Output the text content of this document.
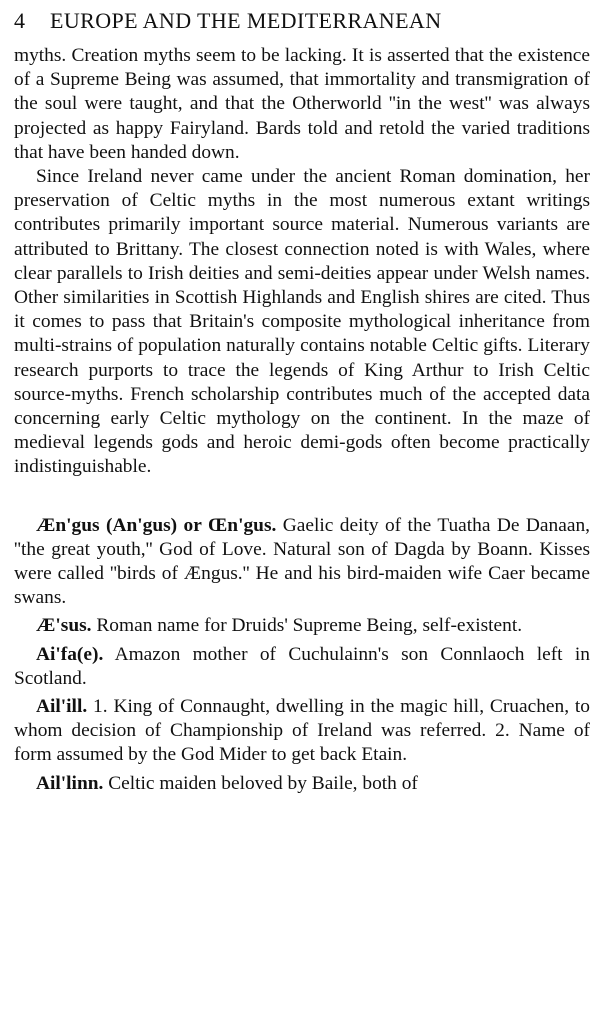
4	EUROPE AND THE MEDITERRANEAN

myths. Creation myths seem to be lacking. It is asserted that the existence of a Supreme Being was assumed, that immortality and transmigration of the soul were taught, and that the Otherworld ''in the west'' was always projected as happy Fairyland. Bards told and retold the varied traditions that have been handed down.

Since Ireland never came under the ancient Roman domination, her preservation of Celtic myths in the most numerous extant writings contributes primarily important source material. Numerous variants are attributed to Brittany. The closest connection noted is with Wales, where clear parallels to Irish deities and semi-deities appear under Welsh names. Other similarities in Scottish Highlands and English shires are cited. Thus it comes to pass that Britain's composite mythological inheritance from multi-strains of population naturally contains notable Celtic gifts. Literary research purports to trace the legends of King Arthur to Irish Celtic source-myths. French scholarship contributes much of the accepted data concerning early Celtic mythology on the continent. In the maze of medieval legends gods and heroic demi-gods often become practically indistinguishable.

Æn'gus (An'gus) or Œn'gus. Gaelic deity of the Tuatha De Danaan, ''the great youth,'' God of Love. Natural son of Dagda by Boann. Kisses were called ''birds of Ængus.'' He and his bird-maiden wife Caer became swans.

Æ'sus. Roman name for Druids' Supreme Being, self-existent.

Ai'fa(e). Amazon mother of Cuchulainn's son Connlaoch left in Scotland.

Ail'ill. 1. King of Connaught, dwelling in the magic hill, Cruachen, to whom decision of Championship of Ireland was referred. 2. Name of form assumed by the God Mider to get back Etain.

Ail'linn. Celtic maiden beloved by Baile, both of
